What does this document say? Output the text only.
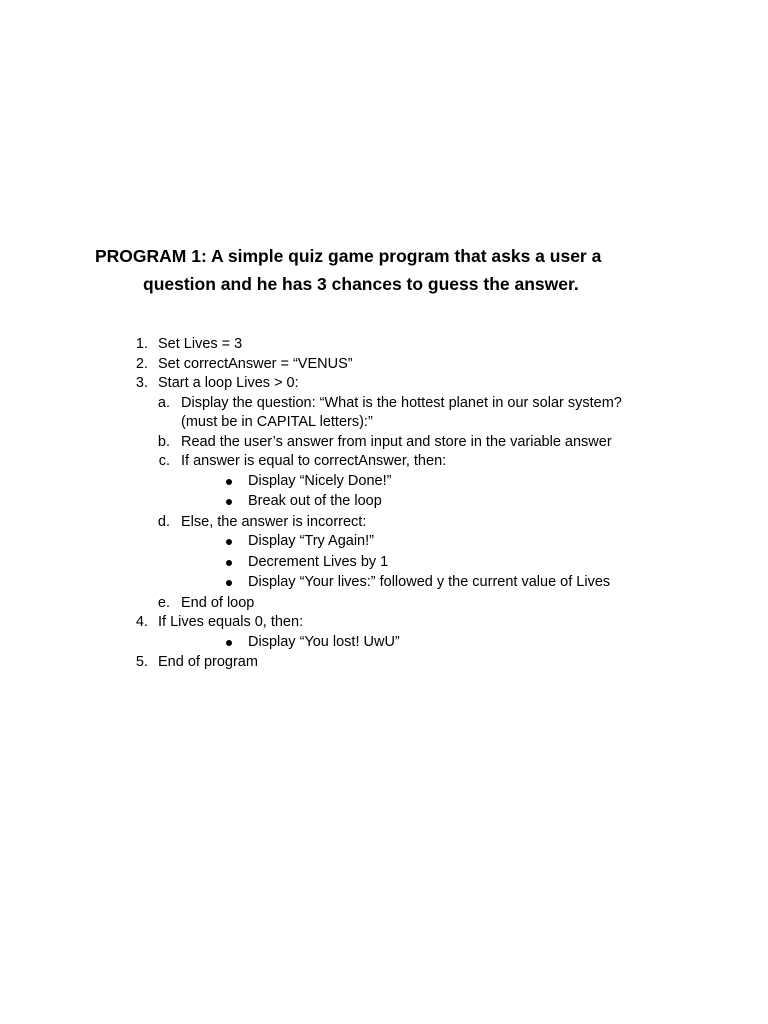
PROGRAM 1: A simple quiz game program that asks a user a
question and he has 3 chances to guess the answer.
1. Set Lives = 3
2. Set correctAnswer = “VENUS”
3. Start a loop Lives > 0:
a. Display the question: “What is the hottest planet in our solar system?
(must be in CAPITAL letters):”
b. Read the user’s answer from input and store in the variable answer
c. If answer is equal to correctAnswer, then:
Display “Nicely Done!”
Break out of the loop
d. Else, the answer is incorrect:
Display “Try Again!”
Decrement Lives by 1
Display “Your lives:” followed y the current value of Lives
e. End of loop
4. If Lives equals 0, then:
Display “You lost! UwU”
5. End of program
